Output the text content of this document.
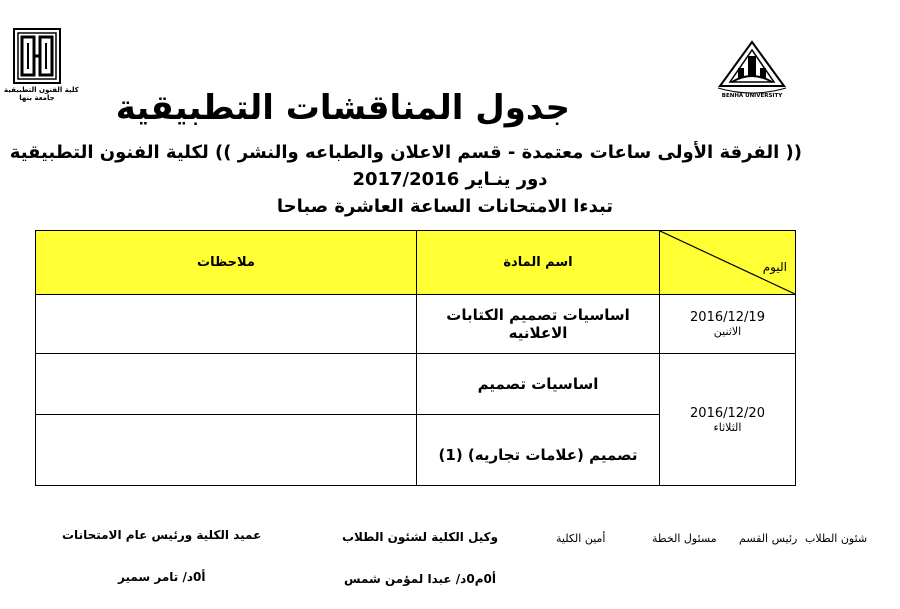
كلية الفنون التطبيقية
جامعة بنها	BENHA UNIVERSITY
جدول المناقشات التطبيقية
(( الفرقة الأولى ساعات معتمدة - قسم الاعلان والطباعه والنشر )) لكلية الفنون التطبيقية
دور ينـاير 2017/2016
تبدءا الامتحانات الساعة العاشرة صباحا
ملاحظات	اسم المادة	اليوم

	اساسيات تصميم الكتابات الاعلانيه	2016/12/19
الاثنين

	اساسيات تصميم	2016/12/20
الثلاثاء

	تصميم (علامات تجاريه) (1)	
شئون الطلاب
رئيس القسم
مسئول الخطة
أمين الكلية
وكيل الكلية لشئون الطلاب
أ0م0د/ عبدا لمؤمن شمس
عميد الكلية ورئيس عام الامتحانات
أ0د/ تامر سمير
